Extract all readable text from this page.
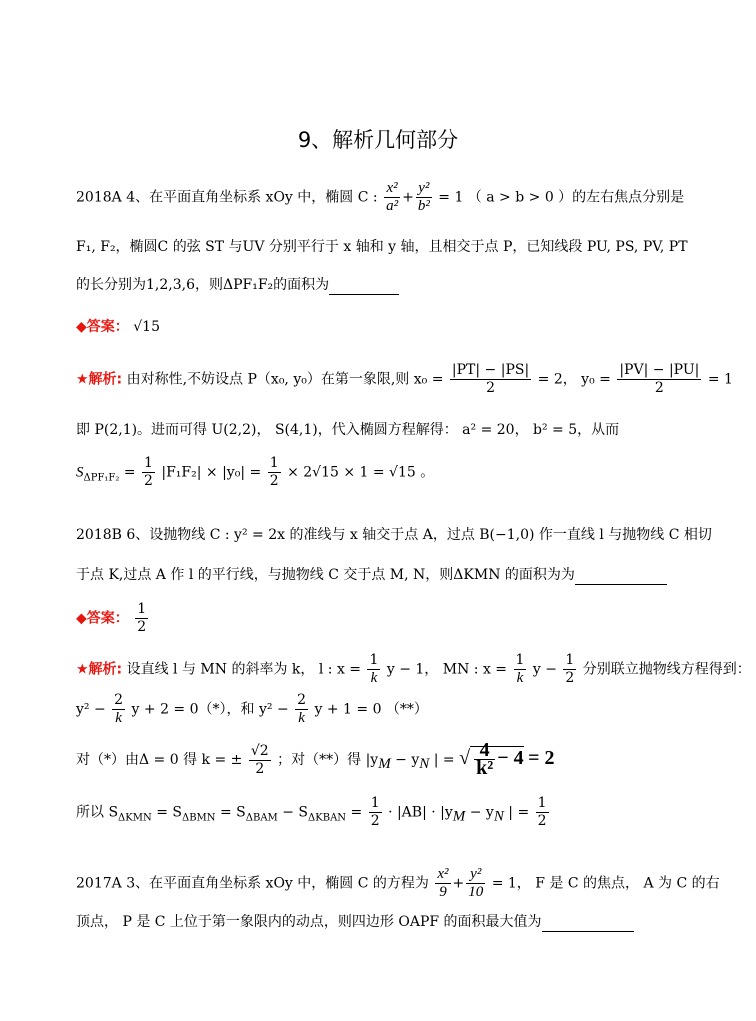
9、解析几何部分
2018A 4、在平面直角坐标系 xOy 中，椭圆 C : $\frac{\text{x²}}{\text{a²}} + \frac{\text{y²}}{\text{b²}} = 1$ （ a > b > 0 ）的左右焦点分别是
F₁, F₂，椭圆C 的弦 ST 与UV 分别平行于 x 轴和 y 轴，且相交于点 P，已知线段 PU, PS, PV, PT
的长分别为1,2,3,6，则ΔPF₁F₂的面积为
◆答案： √15
★解析: 由对称性,不妨设点 P（x₀, y₀）在第一象限,则 $x_0 = \frac{|PT| - |PS|}{2} = 2$， $y_0 = \frac{|PV| - |PU|}{2} = 1$
即 P(2,1)。进而可得 U(2,2)， S(4,1)，代入椭圆方程解得： a² = 20， b² = 5，从而
$S_{\Delta PF_1F_2} = \frac{1}{2} |F_1F_2| \times |y_0| = \frac{1}{2} \times 2√15 \times 1 = √15$ 。
2018B 6、设抛物线 C : y² = 2x 的准线与 x 轴交于点 A，过点 B(−1,0) 作一直线 l 与抛物线 C 相切
于点 K,过点 A 作 l 的平行线，与抛物线 C 交于点 M, N，则ΔKMN 的面积为为
◆答案： $\frac{1}{2}$
★解析: 设直线 l 与 MN 的斜率为 k， l : $x = \frac{1}{k}$ y − 1， MN : $x = \frac{1}{k}$ $y - \frac{1}{2}$ 分别联立抛物线方程得到：
$y^2 - \frac{2}{k}$ y + 2 = 0（*），和 $y^2 - \frac{2}{k}$ y + 1 = 0 （**）
对（*）由Δ = 0 得 k = ± $\frac{√2}{2}$ ；对（**）得 $|y_M - y_N$ | = √ $\frac{4}{\text{k²}} - 4 = 2$
所以 $S_{\Delta KMN} = S_{\Delta BMN} = S_{\Delta BAM} - S_{\Delta KBAN} = \frac{1}{2} \cdot |AB| \cdot |y_M - y_N$ | = $\frac{1}{2}$
2017A 3、在平面直角坐标系 xOy 中，椭圆 C 的方程为 $\frac{\text{x²}}{9} + \frac{\text{y²}}{10} = 1$， F 是 C 的焦点， A 为 C 的右
顶点， P 是 C 上位于第一象限内的动点，则四边形 OAPF 的面积最大值为
